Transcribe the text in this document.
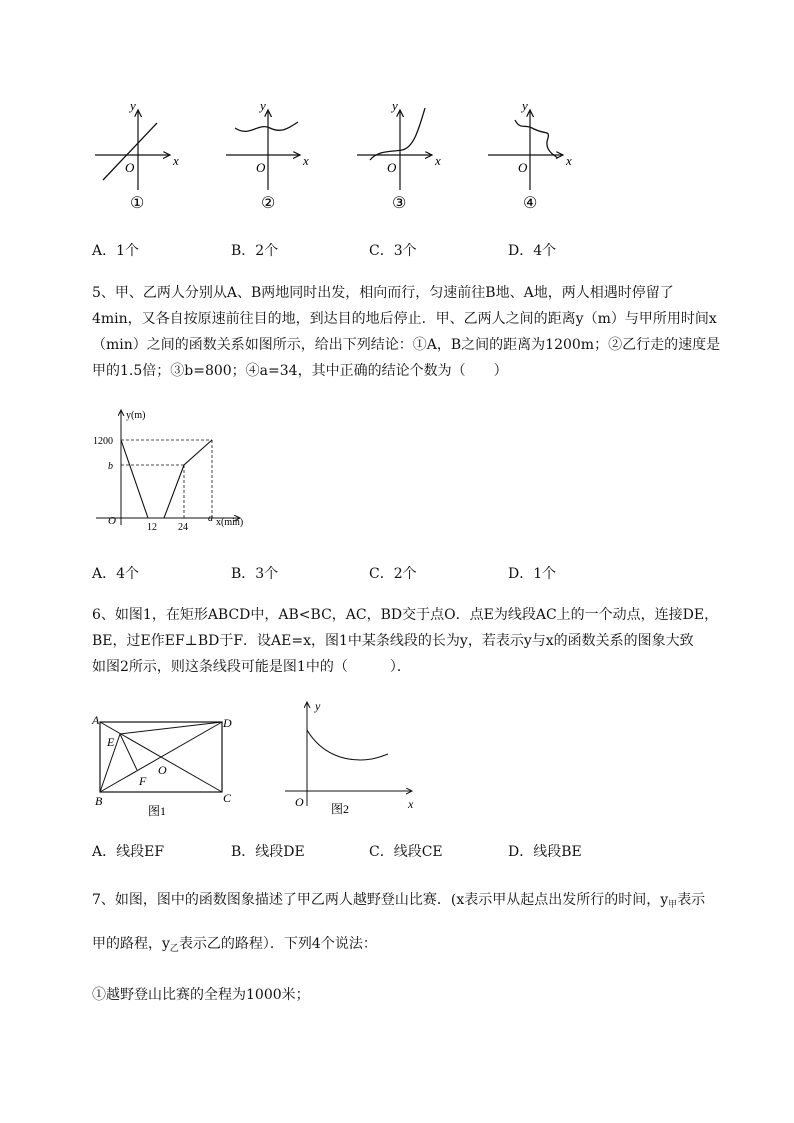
y
x
O
①
y
x
O
②
y
x
O
③
y
x
O
④
A．1个	B．2个	C．3个	D．4个
5、甲、乙两人分别从A、B两地同时出发，相向而行，匀速前往B地、A地，两人相遇时停留了
4min，又各自按原速前往目的地，到达目的地后停止．甲、乙两人之间的距离y（m）与甲所用时间x
（min）之间的函数关系如图所示，给出下列结论：①A，B之间的距离为1200m；②乙行走的速度是
甲的1.5倍；③b=800；④a=34，其中正确的结论个数为（　　）
y(m)
x(min)
O
1200
b
12 24
a
A．4个	B．3个	C．2个	D．1个
6、如图1，在矩形ABCD中，AB<BC，AC，BD交于点O．点E为线段AC上的一个动点，连接DE，
BE，过E作EF⊥BD于F．设AE=x，图1中某条线段的长为y，若表示y与x的函数关系的图象大致
如图2所示，则这条线段可能是图1中的（　　　）．
A	D
B	C
E
F
O
图1
y
x
O 图2
A．线段EF	B．线段DE	C．线段CE	D．线段BE
7、如图，图中的函数图象描述了甲乙两人越野登山比赛．(x表示甲从起点出发所行的时间，$y_甲$表示
甲的路程，$y_乙$表示乙的路程）．下列4个说法：
①越野登山比赛的全程为1000米；
